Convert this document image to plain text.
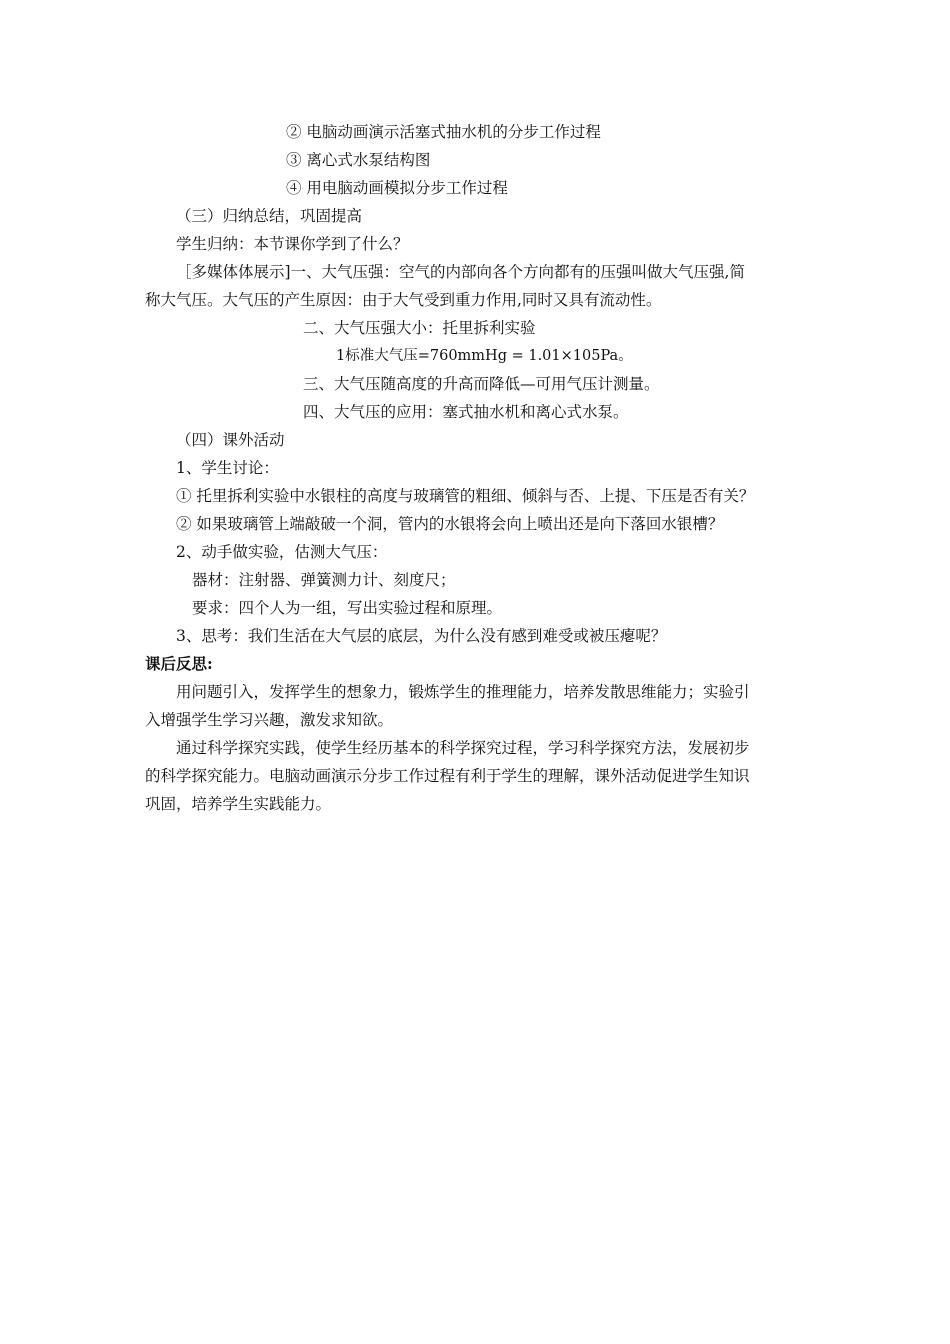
② 电脑动画演示活塞式抽水机的分步工作过程

③ 离心式水泵结构图

④ 用电脑动画模拟分步工作过程

（三）归纳总结，巩固提高

学生归纳：本节课你学到了什么？

［多媒体体展示]一、大气压强：空气的内部向各个方向都有的压强叫做大气压强,简

称大气压。大气压的产生原因：由于大气受到重力作用,同时又具有流动性。

二、大气压强大小：托里拆利实验

1标准大气压=760mmHg = 1.01×105Pa。

三、大气压随高度的升高而降低—可用气压计测量。

四、大气压的应用：塞式抽水机和离心式水泵。

（四）课外活动

1、学生讨论：

① 托里拆利实验中水银柱的高度与玻璃管的粗细、倾斜与否、上提、下压是否有关？

② 如果玻璃管上端敲破一个洞，管内的水银将会向上喷出还是向下落回水银槽？

2、动手做实验，估测大气压：

器材：注射器、弹簧测力计、刻度尺；

要求：四个人为一组，写出实验过程和原理。

3、思考：我们生活在大气层的底层，为什么没有感到难受或被压瘪呢？

课后反思:

用问题引入，发挥学生的想象力，锻炼学生的推理能力，培养发散思维能力；实验引

入增强学生学习兴趣，激发求知欲。

通过科学探究实践，使学生经历基本的科学探究过程，学习科学探究方法，发展初步

的科学探究能力。电脑动画演示分步工作过程有利于学生的理解，课外活动促进学生知识

巩固，培养学生实践能力。
